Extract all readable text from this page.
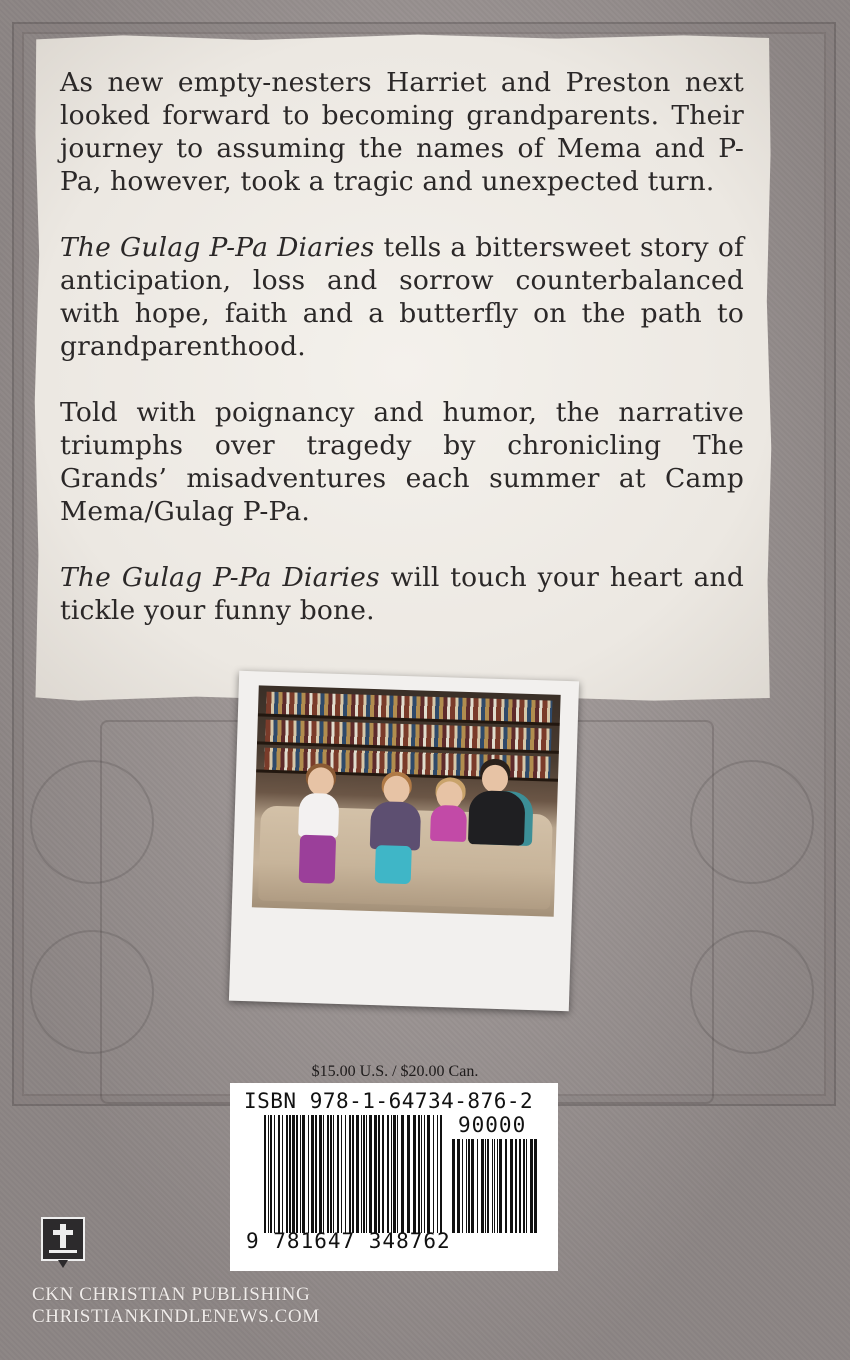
As new empty-nesters Harriet and Preston next looked forward to becoming grandparents. Their journey to assuming the names of Mema and P-Pa, however, took a tragic and unexpected turn.

The Gulag P-Pa Diaries tells a bittersweet story of anticipation, loss and sorrow counterbalanced with hope, faith and a butterfly on the path to grandparenthood.

Told with poignancy and humor, the narrative triumphs over tragedy by chronicling The Grands’ misadventures each summer at Camp Mema/Gulag P-Pa.

The Gulag P-Pa Diaries will touch your heart and tickle your funny bone.

$15.00 U.S. / $20.00 Can.
ISBN 978-1-64734-876-2
90000
9 781647 348762
CKN CHRISTIAN PUBLISHING
CHRISTIANKINDLENEWS.COM
